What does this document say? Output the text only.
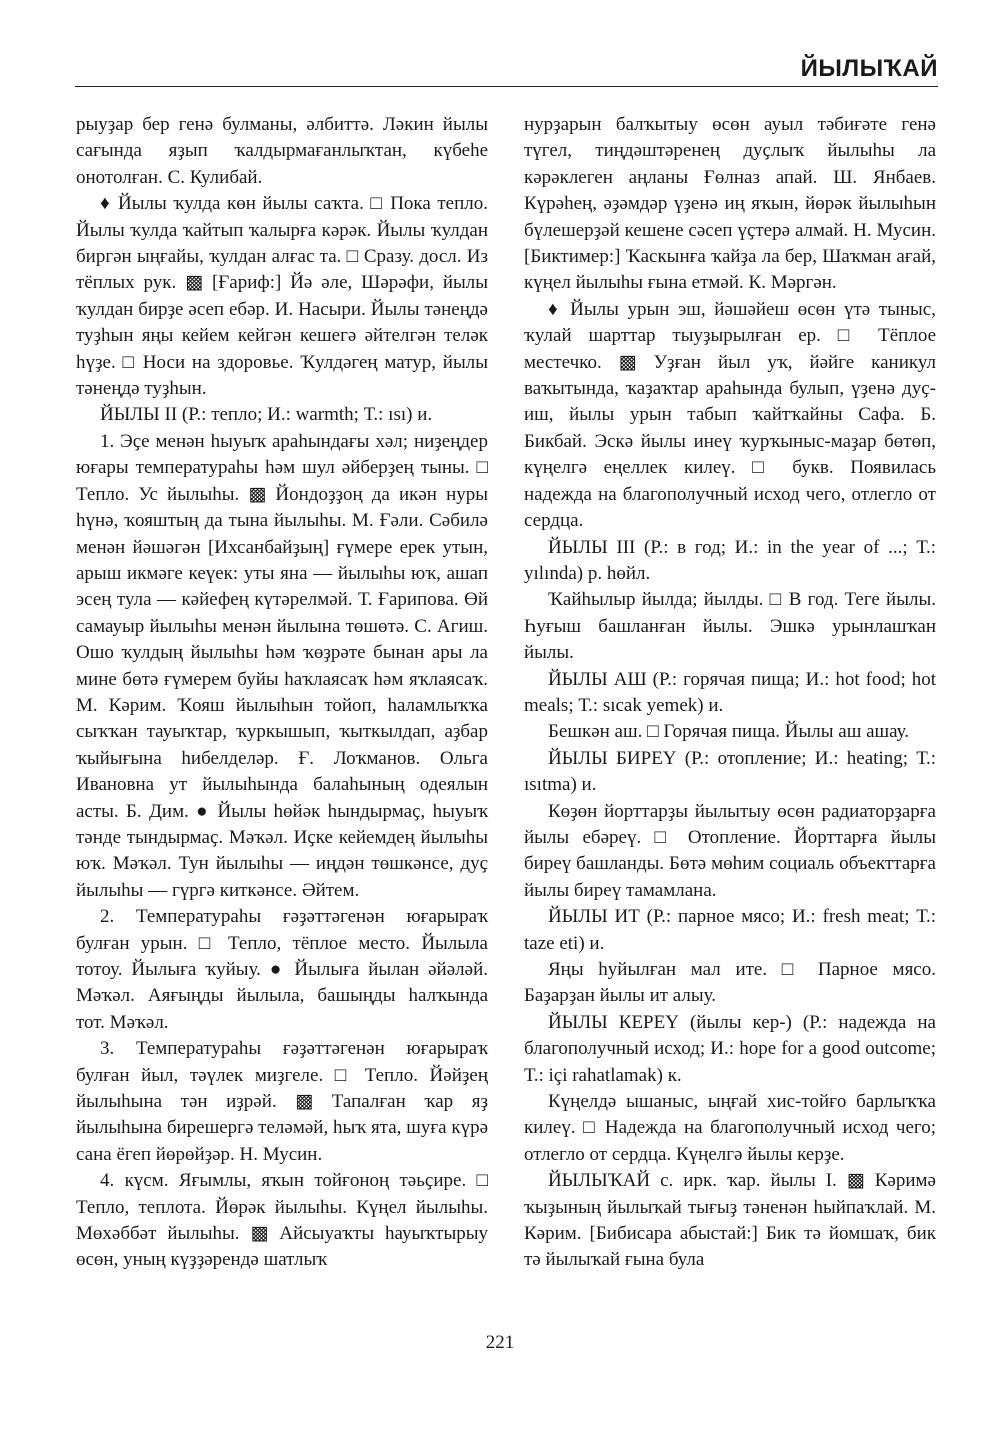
ЙЫЛЫҠАЙ

рыуҙар бер генә булманы, әлбиттә. Ләкин йылы сағында яҙып ҡалдырмағанлыҡтан, күбеһе онотолған. С. Кулибай.

♦ Йылы ҡулда көн йылы саҡта. □ Пока тепло. Йылы ҡулда ҡайтып ҡалырға кәрәк. Йылы ҡулдан биргән ыңғайы, ҡулдан алғас та. □ Сразу. досл. Из тёплых рук. ▩ [Ғариф:] Йә әле, Шәрәфи, йылы ҡулдан бирҙе әсеп ебәр. И. Насыри. Йылы тәнеңдә туҙһын яңы кейем кейгән кешегә әйтелгән теләк һүҙе. □ Носи на здоровье. Ҡулдәгең матур, йылы тәнеңдә туҙһын.

ЙЫЛЫ II (Р.: тепло; И.: warmth; Т.: ısı) и.

1. Эҫе менән һыуыҡ араһындағы хәл; ниҙеңдер юғары температураһы һәм шул әйберҙең тыны. □ Тепло. Ус йылыһы. ▩ Йондоҙҙоң да икән нуры һүнә, ҡояштың да тына йылыһы. М. Ғәли. Сәбилә менән йәшәгән [Ихсанбайҙың] ғүмере ерек утын, арыш икмәге кеүек: уты яна — йылыһы юҡ, ашап эсең тула — кәйефең күтәрелмәй. Т. Ғарипова. Өй самауыр йылыһы менән йылына төшөтә. С. Агиш. Ошо ҡулдың йылыһы һәм ҡөҙрәте бынан ары ла мине бөтә ғүмерем буйы һаҡлаясаҡ һәм яҡлаясаҡ. М. Кәрим. Ҡояш йылыһын тойоп, һаламлыҡҡа сыҡҡан тауыҡтар, ҡуркышып, ҡыткылдап, аҙбар ҡыйығына һибелделәр. Ғ. Лоҡманов. Ольга Ивановна ут йылыһында балаһының одеялын асты. Б. Дим. ● Йылы һөйәк һындырмаҫ, һыуыҡ тәнде тындырмаҫ. Мәҡәл. Иҫке кейемдең йылыһы юҡ. Мәҡәл. Тун йылыһы — иңдән төшкәнсе, дуҫ йылыһы — гүргә киткәнсе. Әйтем.

2. Температураһы ғәҙәттәгенән юғарыраҡ булған урын. □ Тепло, тёплое место. Йылыла тотоу. Йылыға ҡуйыу. ● Йылыға йылан әйәләй. Мәҡәл. Аяғыңды йылыла, башыңды һалҡында тот. Мәҡәл.

3. Температураһы ғәҙәттәгенән юғарыраҡ булған йыл, тәүлек миҙгеле. □ Тепло. Йәйҙең йылыһына тән иҙрәй. ▩ Тапалған ҡар яҙ йылыһына бирешергә теләмәй, һыҡ ята, шуға күрә сана ёгеп йөрөйҙәр. Н. Мусин.

4. күсм. Яғымлы, яҡын тойғоноң тәьҫире. □ Тепло, теплота. Йөрәк йылыһы. Күңел йылыһы. Мөхәббәт йылыһы. ▩ Айсыуаҡты һауыҡтырыу өсөн, уның күҙҙәрендә шатлыҡ

нурҙарын балҡытыу өсөн ауыл тәбиғәте генә түгел, тиңдәштәренең дуҫлыҡ йылыһы ла кәрәклеген аңланы Ғөлназ апай. Ш. Янбаев. Күрәһең, әҙәмдәр үҙенә иң яҡын, йөрәк йылыһын бүлешерҙәй кешене сәсеп үҫтерә алмай. Н. Мусин. [Биктимер:] Ҡаскынға ҡайҙа ла бер, Шаҡман ағай, күңел йылыһы ғына етмәй. К. Мәргән.

♦ Йылы урын эш, йәшәйеш өсөн үтә тыныс, ҡулай шарттар тыуҙырылған ер. □ Тёплое местечко. ▩ Уҙған йыл уҡ, йәйге каникул ваҡытында, ҡаҙаҡтар араһында булып, үҙенә дуҫ-иш, йылы урын табып ҡайтҡайны Сафа. Б. Бикбай. Эскә йылы инеү ҡурҡыныс-маҙар бөтөп, күңелгә еңеллек килеү. □ букв. Появилась надежда на благополучный исход чего, отлегло от сердца.

ЙЫЛЫ III (Р.: в год; И.: in the year of ...; Т.: yılında) р. һөйл.

Ҡайһылыр йылда; йылды. □ В год. Теге йылы. Һуғыш башланған йылы. Эшкә урынлашҡан йылы.

ЙЫЛЫ АШ (Р.: горячая пища; И.: hot food; hot meals; Т.: sıcak yemek) и.

Бешкән аш. □ Горячая пища. Йылы аш ашау.

ЙЫЛЫ БИРЕҮ (Р.: отопление; И.: heating; Т.: ısıtma) и.

Көҙөн йорттарҙы йылытыу өсөн радиаторҙарға йылы ебәреү. □ Отопление. Йорттарға йылы биреү башланды. Бөтә мөһим социаль объекттарға йылы биреү тамамлана.

ЙЫЛЫ ИТ (Р.: парное мясо; И.: fresh meat; Т.: taze eti) и.

Яңы һуйылған мал ите. □ Парное мясо. Баҙарҙан йылы ит алыу.

ЙЫЛЫ КЕРЕҮ (йылы кер-) (Р.: надежда на благополучный исход; И.: hope for a good outcome; Т.: içi rahatlamak) к.

Күңелдә ышаныс, ыңғай хис-тойғо барлыҡҡа килеү. □ Надежда на благополучный исход чего; отлегло от сердца. Күңелгә йылы керҙе.

ЙЫЛЫҠАЙ с. ирк. ҡар. йылы I. ▩ Кәримә ҡыҙының йылыҡай тығыҙ тәненән һыйпаҡлай. М. Кәрим. [Бибисара абыстай:] Бик тә йомшаҡ, бик тә йылыҡай ғына була

221
